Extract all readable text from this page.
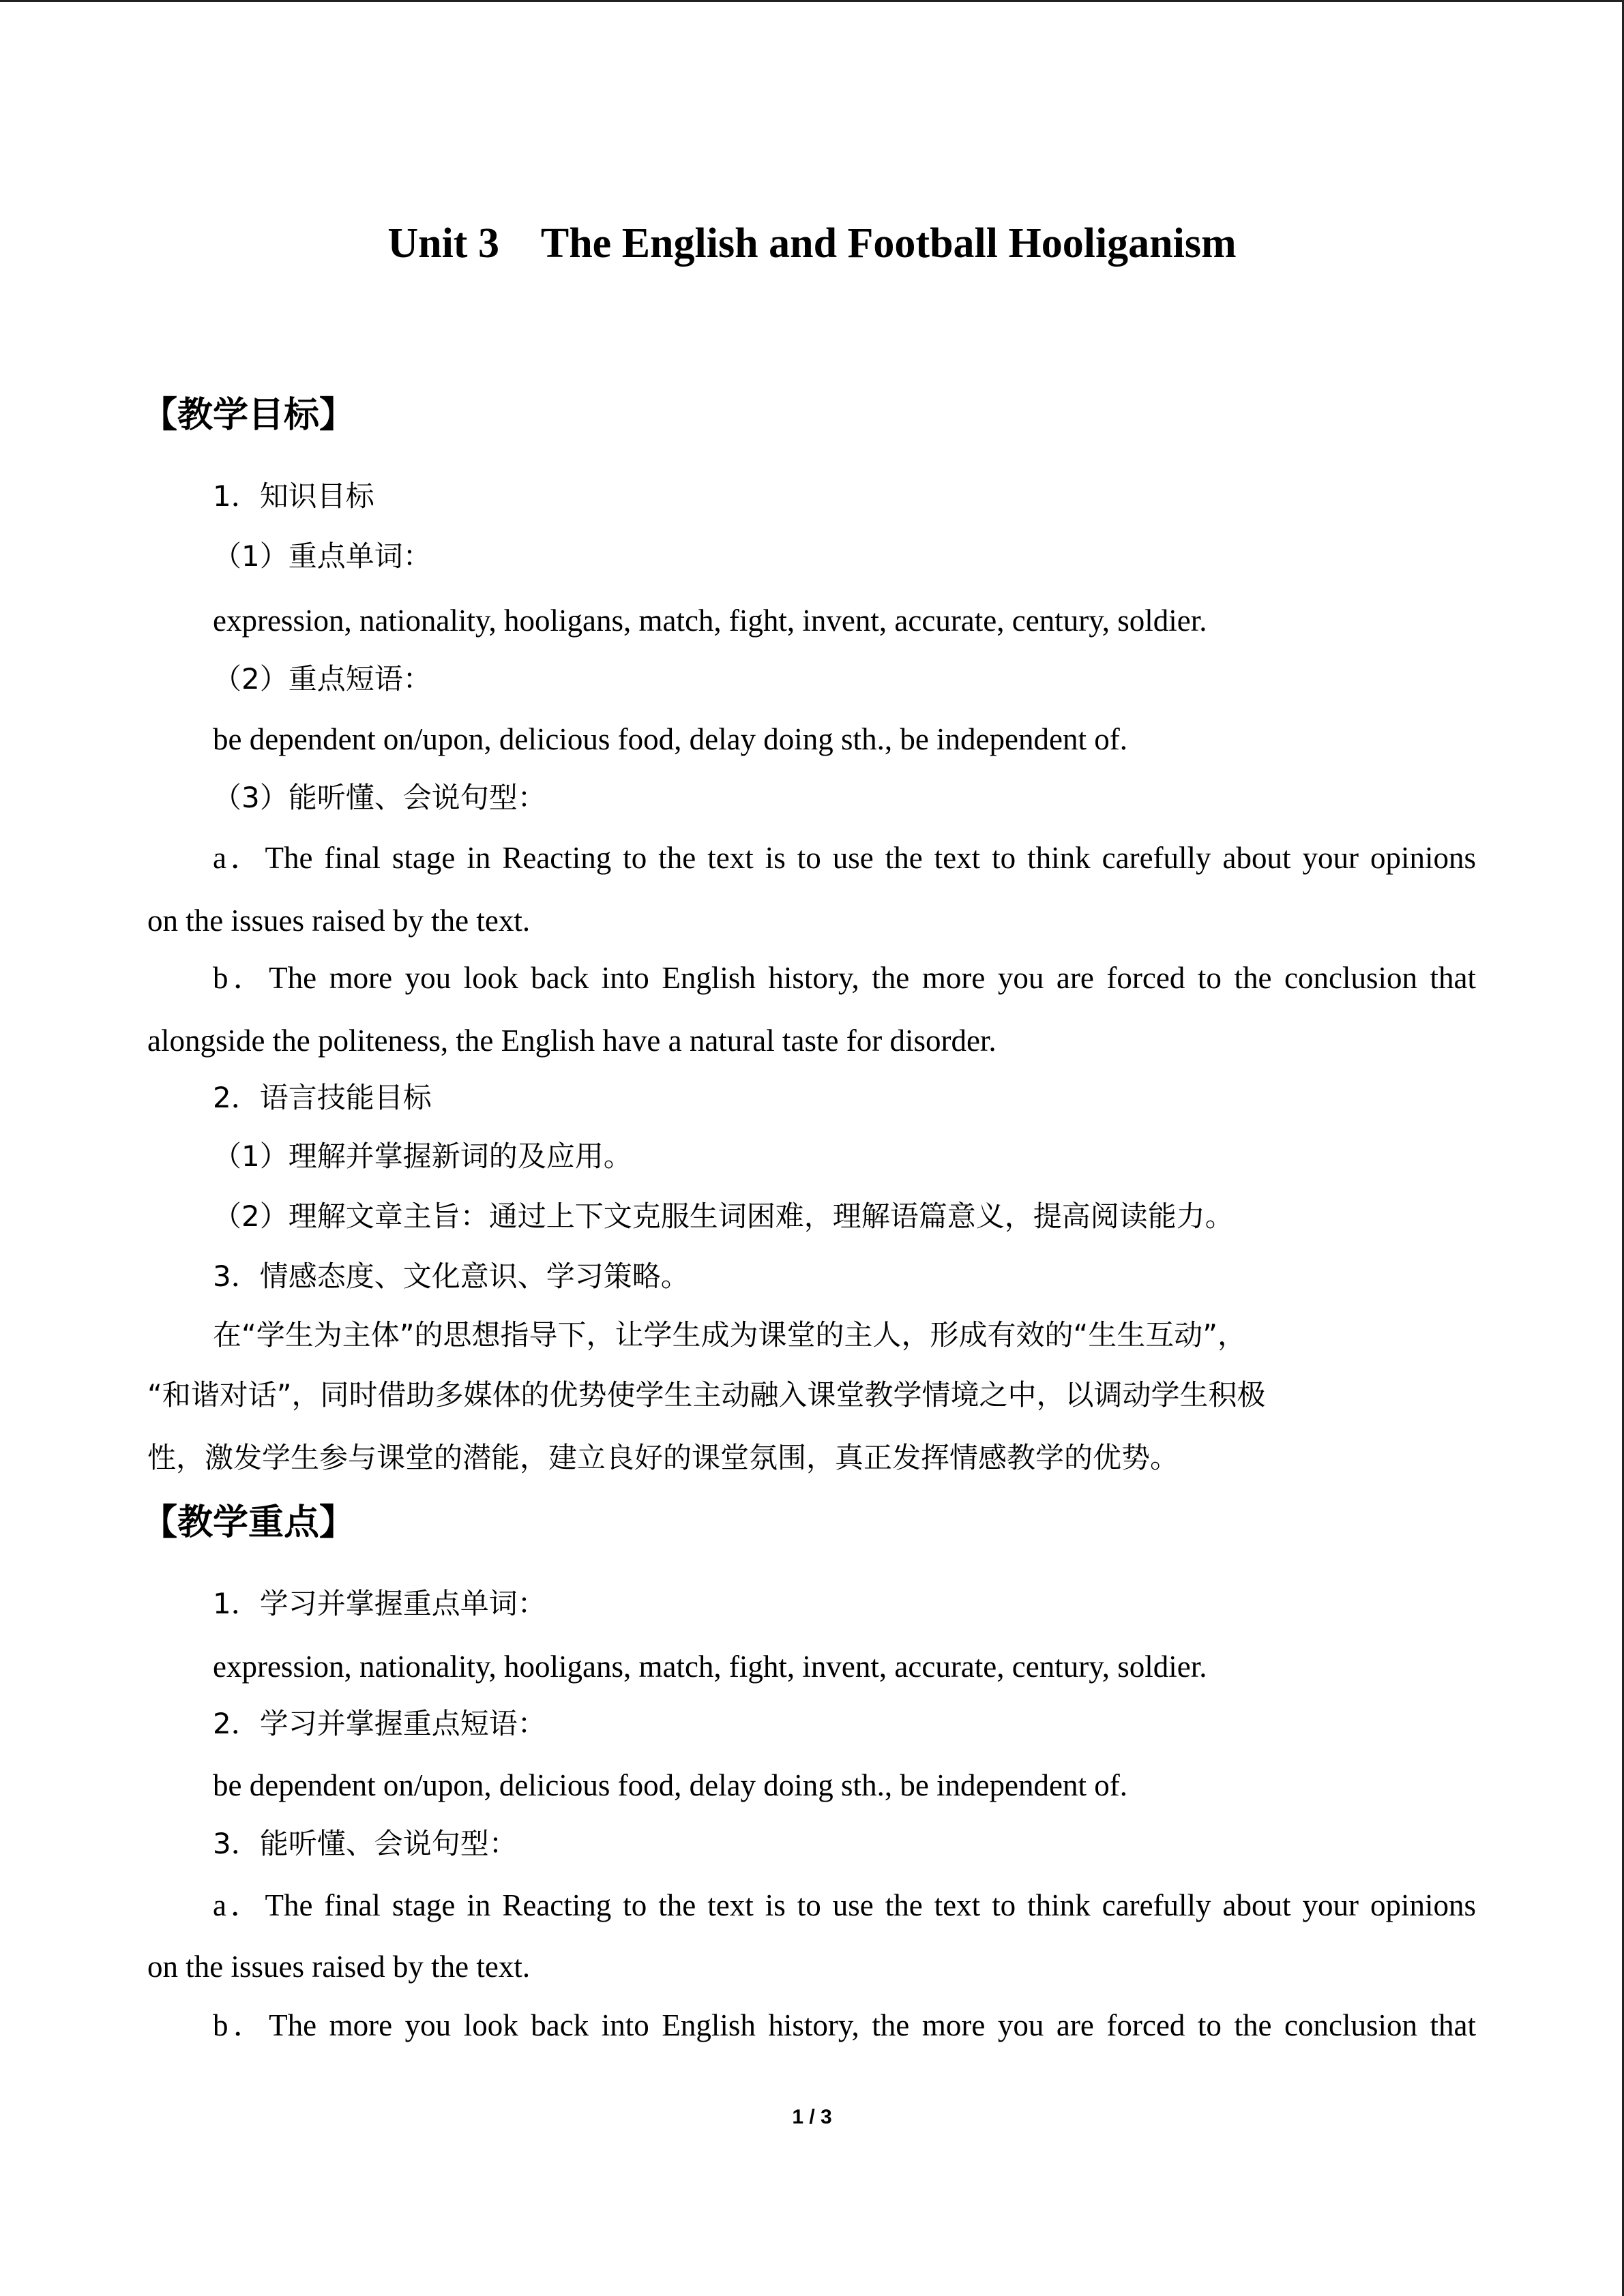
Unit 3    The English and Football Hooliganism
【教学目标】
1．知识目标
（1）重点单词：
expression, nationality, hooligans, match, fight, invent, accurate, century, soldier.
（2）重点短语：
be dependent on/upon, delicious food, delay doing sth., be independent of.
（3）能听懂、会说句型：
a．The final stage in Reacting to the text is to use the text to think carefully about your opinions
on the issues raised by the text.
b．The more you look back into English history, the more you are forced to the conclusion that
alongside the politeness, the English have a natural taste for disorder.
2．语言技能目标
（1）理解并掌握新词的及应用。
（2）理解文章主旨：通过上下文克服生词困难，理解语篇意义，提高阅读能力。
3．情感态度、文化意识、学习策略。
在“学生为主体”的思想指导下，让学生成为课堂的主人，形成有效的“生生互动”，
“和谐对话”，同时借助多媒体的优势使学生主动融入课堂教学情境之中，以调动学生积极
性，激发学生参与课堂的潜能，建立良好的课堂氛围，真正发挥情感教学的优势。
【教学重点】
1．学习并掌握重点单词：
expression, nationality, hooligans, match, fight, invent, accurate, century, soldier.
2．学习并掌握重点短语：
be dependent on/upon, delicious food, delay doing sth., be independent of.
3．能听懂、会说句型：
a．The final stage in Reacting to the text is to use the text to think carefully about your opinions
on the issues raised by the text.
b．The more you look back into English history, the more you are forced to the conclusion that
1 / 3
